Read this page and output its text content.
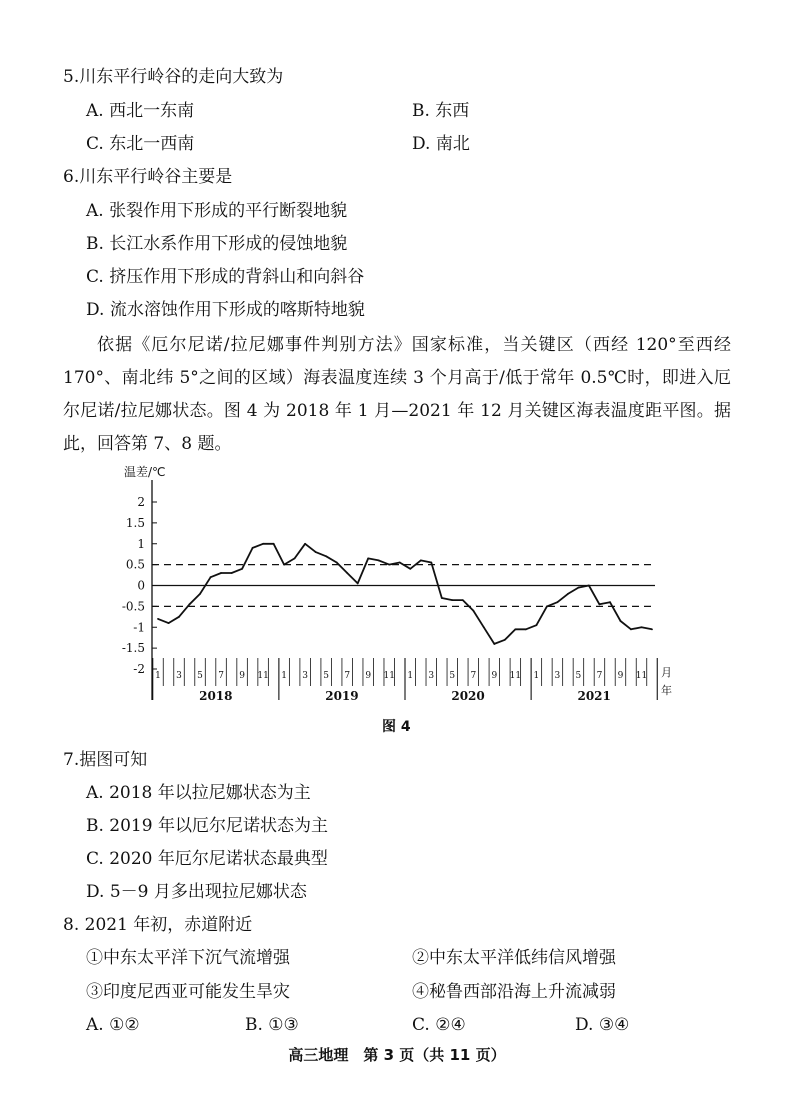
5.川东平行岭谷的走向大致为
A. 西北一东南	B. 东西
C. 东北一西南	D. 南北
6.川东平行岭谷主要是
A. 张裂作用下形成的平行断裂地貌
B. 长江水系作用下形成的侵蚀地貌
C. 挤压作用下形成的背斜山和向斜谷
D. 流水溶蚀作用下形成的喀斯特地貌
依据《厄尔尼诺/拉尼娜事件判别方法》国家标准，当关键区（西经 120°至西经 170°、南北纬 5°之间的区域）海表温度连续 3 个月高于/低于常年 0.5℃时，即进入厄尔尼诺/拉尼娜状态。图 4 为 2018 年 1 月—2021 年 12 月关键区海表温度距平图。据此，回答第 7、8 题。
温差/℃
2
1.5
1
0.5
0
-0.5
-1
-1.5
-2 1 3 5 7 9 11 1 3 5 7 9 11 1 3 5 7 9 11 1 3 5 7 9 11
2018	2019	2020	2021
月
年
图 4
7.据图可知
A. 2018 年以拉尼娜状态为主
B. 2019 年以厄尔尼诺状态为主
C. 2020 年厄尔尼诺状态最典型
D. 5－9 月多出现拉尼娜状态
8. 2021 年初，赤道附近
①中东太平洋下沉气流增强	②中东太平洋低纬信风增强
③印度尼西亚可能发生旱灾	④秘鲁西部沿海上升流减弱
A. ①②	B. ①③	C. ②④	D. ③④
高三地理　第 3 页（共 11 页）
